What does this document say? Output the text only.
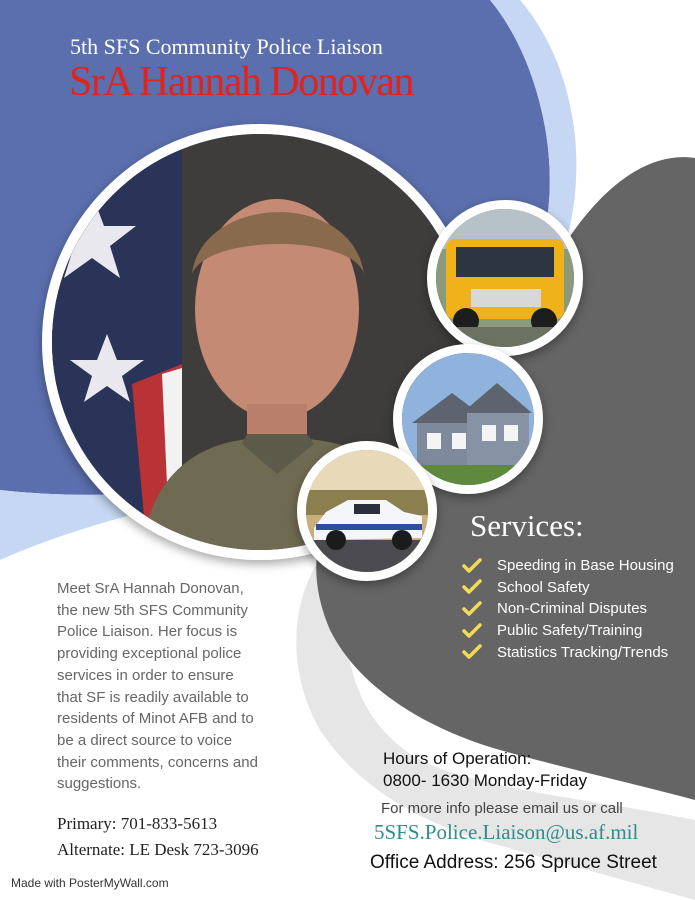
5th SFS Community Police Liaison
SrA Hannah Donovan
Services:
Speeding in Base Housing
School Safety
Non-Criminal Disputes
Public Safety/Training
Statistics Tracking/Trends
Meet SrA Hannah Donovan,
the new 5th SFS Community
Police Liaison. Her focus is
providing exceptional police
services in order to ensure
that SF is readily available to
residents of Minot AFB and to
be a direct source to voice
their comments, concerns and
suggestions.
Primary: 701-833-5613
Alternate: LE Desk 723-3096
Hours of Operation:
0800- 1630 Monday-Friday
For more info please email us or call
5SFS.Police.Liaison@us.af.mil
Office Address: 256 Spruce Street
Made with PosterMyWall.com
